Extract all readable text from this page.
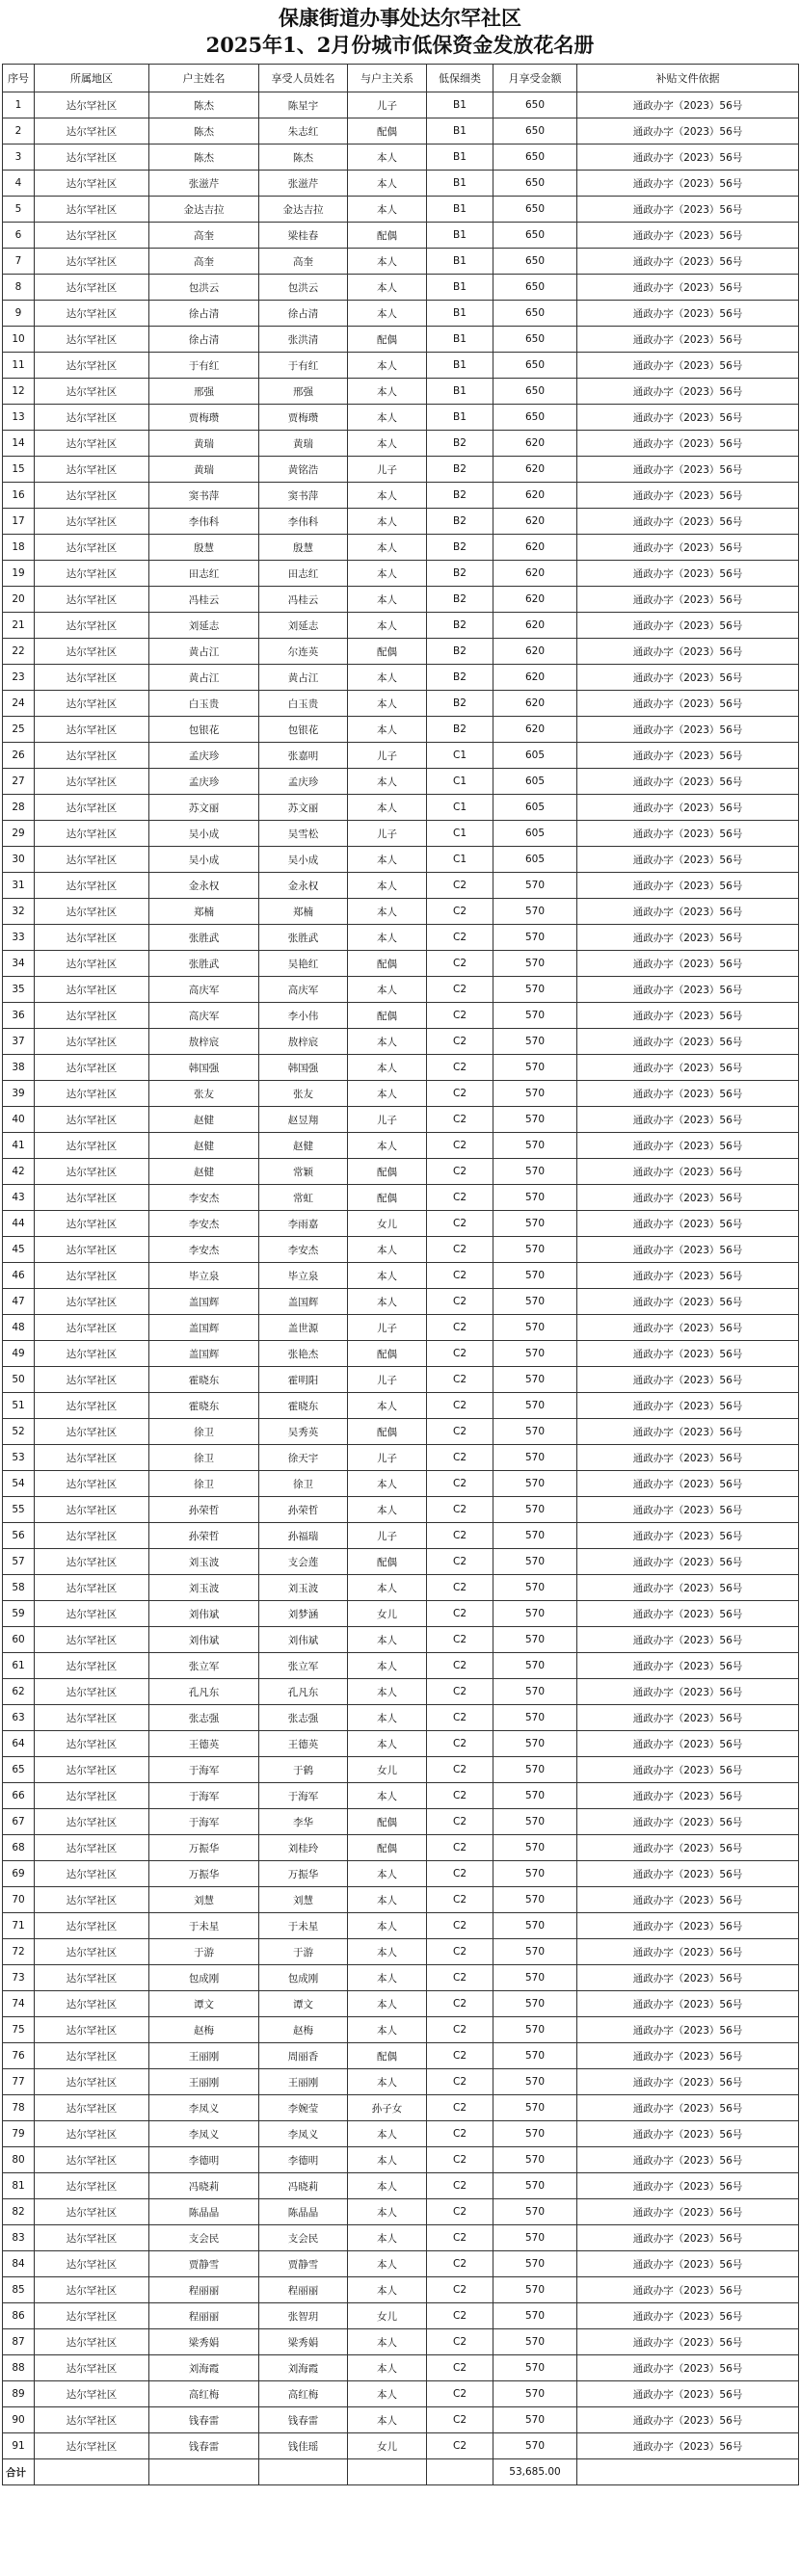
保康街道办事处达尔罕社区
2025年1、2月份城市低保资金发放花名册
序号	所属地区	户主姓名	享受人员姓名	与户主关系	低保细类	月享受金额	补贴文件依据
1	达尔罕社区	陈杰	陈星宇	儿子	B1	650	通政办字（2023）56号
2	达尔罕社区	陈杰	朱志红	配偶	B1	650	通政办字（2023）56号
3	达尔罕社区	陈杰	陈杰	本人	B1	650	通政办字（2023）56号
4	达尔罕社区	张滋芹	张滋芹	本人	B1	650	通政办字（2023）56号
5	达尔罕社区	金达吉拉	金达吉拉	本人	B1	650	通政办字（2023）56号
6	达尔罕社区	高奎	梁桂春	配偶	B1	650	通政办字（2023）56号
7	达尔罕社区	高奎	高奎	本人	B1	650	通政办字（2023）56号
8	达尔罕社区	包洪云	包洪云	本人	B1	650	通政办字（2023）56号
9	达尔罕社区	徐占清	徐占清	本人	B1	650	通政办字（2023）56号
10	达尔罕社区	徐占清	张洪清	配偶	B1	650	通政办字（2023）56号
11	达尔罕社区	于有红	于有红	本人	B1	650	通政办字（2023）56号
12	达尔罕社区	邢强	邢强	本人	B1	650	通政办字（2023）56号
13	达尔罕社区	贾梅瓒	贾梅瓒	本人	B1	650	通政办字（2023）56号
14	达尔罕社区	黄瑞	黄瑞	本人	B2	620	通政办字（2023）56号
15	达尔罕社区	黄瑞	黄铭浩	儿子	B2	620	通政办字（2023）56号
16	达尔罕社区	窦书萍	窦书萍	本人	B2	620	通政办字（2023）56号
17	达尔罕社区	李伟科	李伟科	本人	B2	620	通政办字（2023）56号
18	达尔罕社区	殷慧	殷慧	本人	B2	620	通政办字（2023）56号
19	达尔罕社区	田志红	田志红	本人	B2	620	通政办字（2023）56号
20	达尔罕社区	冯桂云	冯桂云	本人	B2	620	通政办字（2023）56号
21	达尔罕社区	刘延志	刘延志	本人	B2	620	通政办字（2023）56号
22	达尔罕社区	黄占江	尔连英	配偶	B2	620	通政办字（2023）56号
23	达尔罕社区	黄占江	黄占江	本人	B2	620	通政办字（2023）56号
24	达尔罕社区	白玉贵	白玉贵	本人	B2	620	通政办字（2023）56号
25	达尔罕社区	包银花	包银花	本人	B2	620	通政办字（2023）56号
26	达尔罕社区	孟庆珍	张嘉明	儿子	C1	605	通政办字（2023）56号
27	达尔罕社区	孟庆珍	孟庆珍	本人	C1	605	通政办字（2023）56号
28	达尔罕社区	苏文丽	苏文丽	本人	C1	605	通政办字（2023）56号
29	达尔罕社区	吴小成	吴雪松	儿子	C1	605	通政办字（2023）56号
30	达尔罕社区	吴小成	吴小成	本人	C1	605	通政办字（2023）56号
31	达尔罕社区	金永权	金永权	本人	C2	570	通政办字（2023）56号
32	达尔罕社区	郑楠	郑楠	本人	C2	570	通政办字（2023）56号
33	达尔罕社区	张胜武	张胜武	本人	C2	570	通政办字（2023）56号
34	达尔罕社区	张胜武	吴艳红	配偶	C2	570	通政办字（2023）56号
35	达尔罕社区	高庆军	高庆军	本人	C2	570	通政办字（2023）56号
36	达尔罕社区	高庆军	李小伟	配偶	C2	570	通政办字（2023）56号
37	达尔罕社区	敖梓宸	敖梓宸	本人	C2	570	通政办字（2023）56号
38	达尔罕社区	韩国强	韩国强	本人	C2	570	通政办字（2023）56号
39	达尔罕社区	张友	张友	本人	C2	570	通政办字（2023）56号
40	达尔罕社区	赵健	赵昱翔	儿子	C2	570	通政办字（2023）56号
41	达尔罕社区	赵健	赵健	本人	C2	570	通政办字（2023）56号
42	达尔罕社区	赵健	常颖	配偶	C2	570	通政办字（2023）56号
43	达尔罕社区	李安杰	常虹	配偶	C2	570	通政办字（2023）56号
44	达尔罕社区	李安杰	李雨嘉	女儿	C2	570	通政办字（2023）56号
45	达尔罕社区	李安杰	李安杰	本人	C2	570	通政办字（2023）56号
46	达尔罕社区	毕立泉	毕立泉	本人	C2	570	通政办字（2023）56号
47	达尔罕社区	盖国辉	盖国辉	本人	C2	570	通政办字（2023）56号
48	达尔罕社区	盖国辉	盖世源	儿子	C2	570	通政办字（2023）56号
49	达尔罕社区	盖国辉	张艳杰	配偶	C2	570	通政办字（2023）56号
50	达尔罕社区	霍晓东	霍明阳	儿子	C2	570	通政办字（2023）56号
51	达尔罕社区	霍晓东	霍晓东	本人	C2	570	通政办字（2023）56号
52	达尔罕社区	徐卫	吴秀英	配偶	C2	570	通政办字（2023）56号
53	达尔罕社区	徐卫	徐天宇	儿子	C2	570	通政办字（2023）56号
54	达尔罕社区	徐卫	徐卫	本人	C2	570	通政办字（2023）56号
55	达尔罕社区	孙荣哲	孙荣哲	本人	C2	570	通政办字（2023）56号
56	达尔罕社区	孙荣哲	孙福瑞	儿子	C2	570	通政办字（2023）56号
57	达尔罕社区	刘玉波	支会莲	配偶	C2	570	通政办字（2023）56号
58	达尔罕社区	刘玉波	刘玉波	本人	C2	570	通政办字（2023）56号
59	达尔罕社区	刘伟斌	刘梦涵	女儿	C2	570	通政办字（2023）56号
60	达尔罕社区	刘伟斌	刘伟斌	本人	C2	570	通政办字（2023）56号
61	达尔罕社区	张立军	张立军	本人	C2	570	通政办字（2023）56号
62	达尔罕社区	孔凡东	孔凡东	本人	C2	570	通政办字（2023）56号
63	达尔罕社区	张志强	张志强	本人	C2	570	通政办字（2023）56号
64	达尔罕社区	王德英	王德英	本人	C2	570	通政办字（2023）56号
65	达尔罕社区	于海军	于鹤	女儿	C2	570	通政办字（2023）56号
66	达尔罕社区	于海军	于海军	本人	C2	570	通政办字（2023）56号
67	达尔罕社区	于海军	李华	配偶	C2	570	通政办字（2023）56号
68	达尔罕社区	万振华	刘桂玲	配偶	C2	570	通政办字（2023）56号
69	达尔罕社区	万振华	万振华	本人	C2	570	通政办字（2023）56号
70	达尔罕社区	刘慧	刘慧	本人	C2	570	通政办字（2023）56号
71	达尔罕社区	于未星	于未星	本人	C2	570	通政办字（2023）56号
72	达尔罕社区	于游	于游	本人	C2	570	通政办字（2023）56号
73	达尔罕社区	包成刚	包成刚	本人	C2	570	通政办字（2023）56号
74	达尔罕社区	谭文	谭文	本人	C2	570	通政办字（2023）56号
75	达尔罕社区	赵梅	赵梅	本人	C2	570	通政办字（2023）56号
76	达尔罕社区	王丽刚	周丽香	配偶	C2	570	通政办字（2023）56号
77	达尔罕社区	王丽刚	王丽刚	本人	C2	570	通政办字（2023）56号
78	达尔罕社区	李凤义	李婉莹	孙子女	C2	570	通政办字（2023）56号
79	达尔罕社区	李凤义	李凤义	本人	C2	570	通政办字（2023）56号
80	达尔罕社区	李德明	李德明	本人	C2	570	通政办字（2023）56号
81	达尔罕社区	冯晓莉	冯晓莉	本人	C2	570	通政办字（2023）56号
82	达尔罕社区	陈晶晶	陈晶晶	本人	C2	570	通政办字（2023）56号
83	达尔罕社区	支会民	支会民	本人	C2	570	通政办字（2023）56号
84	达尔罕社区	贾静雪	贾静雪	本人	C2	570	通政办字（2023）56号
85	达尔罕社区	程丽丽	程丽丽	本人	C2	570	通政办字（2023）56号
86	达尔罕社区	程丽丽	张智玥	女儿	C2	570	通政办字（2023）56号
87	达尔罕社区	梁秀娟	梁秀娟	本人	C2	570	通政办字（2023）56号
88	达尔罕社区	刘海霞	刘海霞	本人	C2	570	通政办字（2023）56号
89	达尔罕社区	高红梅	高红梅	本人	C2	570	通政办字（2023）56号
90	达尔罕社区	钱春雷	钱春雷	本人	C2	570	通政办字（2023）56号
91	达尔罕社区	钱春雷	钱佳瑶	女儿	C2	570	通政办字（2023）56号
合计						53,685.00	
